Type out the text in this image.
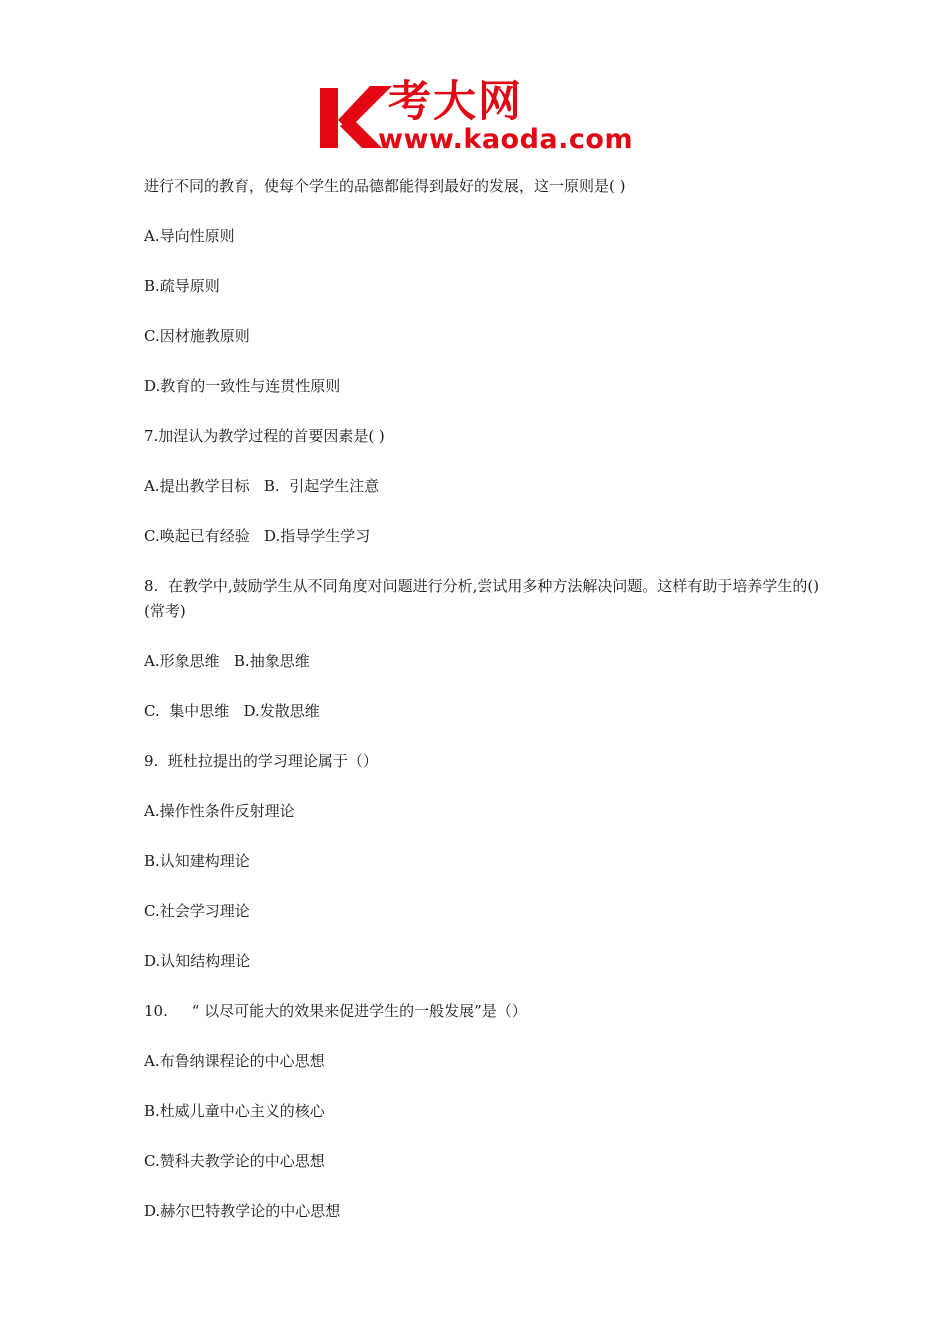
考大网
www.kaoda.com

进行不同的教育，使每个学生的品德都能得到最好的发展，这一原则是( )

A.导向性原则

B.疏导原则

C.因材施教原则

D.教育的一致性与连贯性原则

7.加涅认为教学过程的首要因素是( )

A.提出教学目标   B.  引起学生注意

C.唤起已有经验   D.指导学生学习

8.  在教学中,鼓励学生从不同角度对问题进行分析,尝试用多种方法解决问题。这样有助于培养学生的()(常考)

A.形象思维   B.抽象思维

C.  集中思维   D.发散思维

9.  班杜拉提出的学习理论属于（）

A.操作性条件反射理论

B.认知建构理论

C.社会学习理论

D.认知结构理论

10.     “ 以尽可能大的效果来促进学生的一般发展”是（）

A.布鲁纳课程论的中心思想

B.杜威儿童中心主义的核心

C.赞科夫教学论的中心思想

D.赫尔巴特教学论的中心思想
